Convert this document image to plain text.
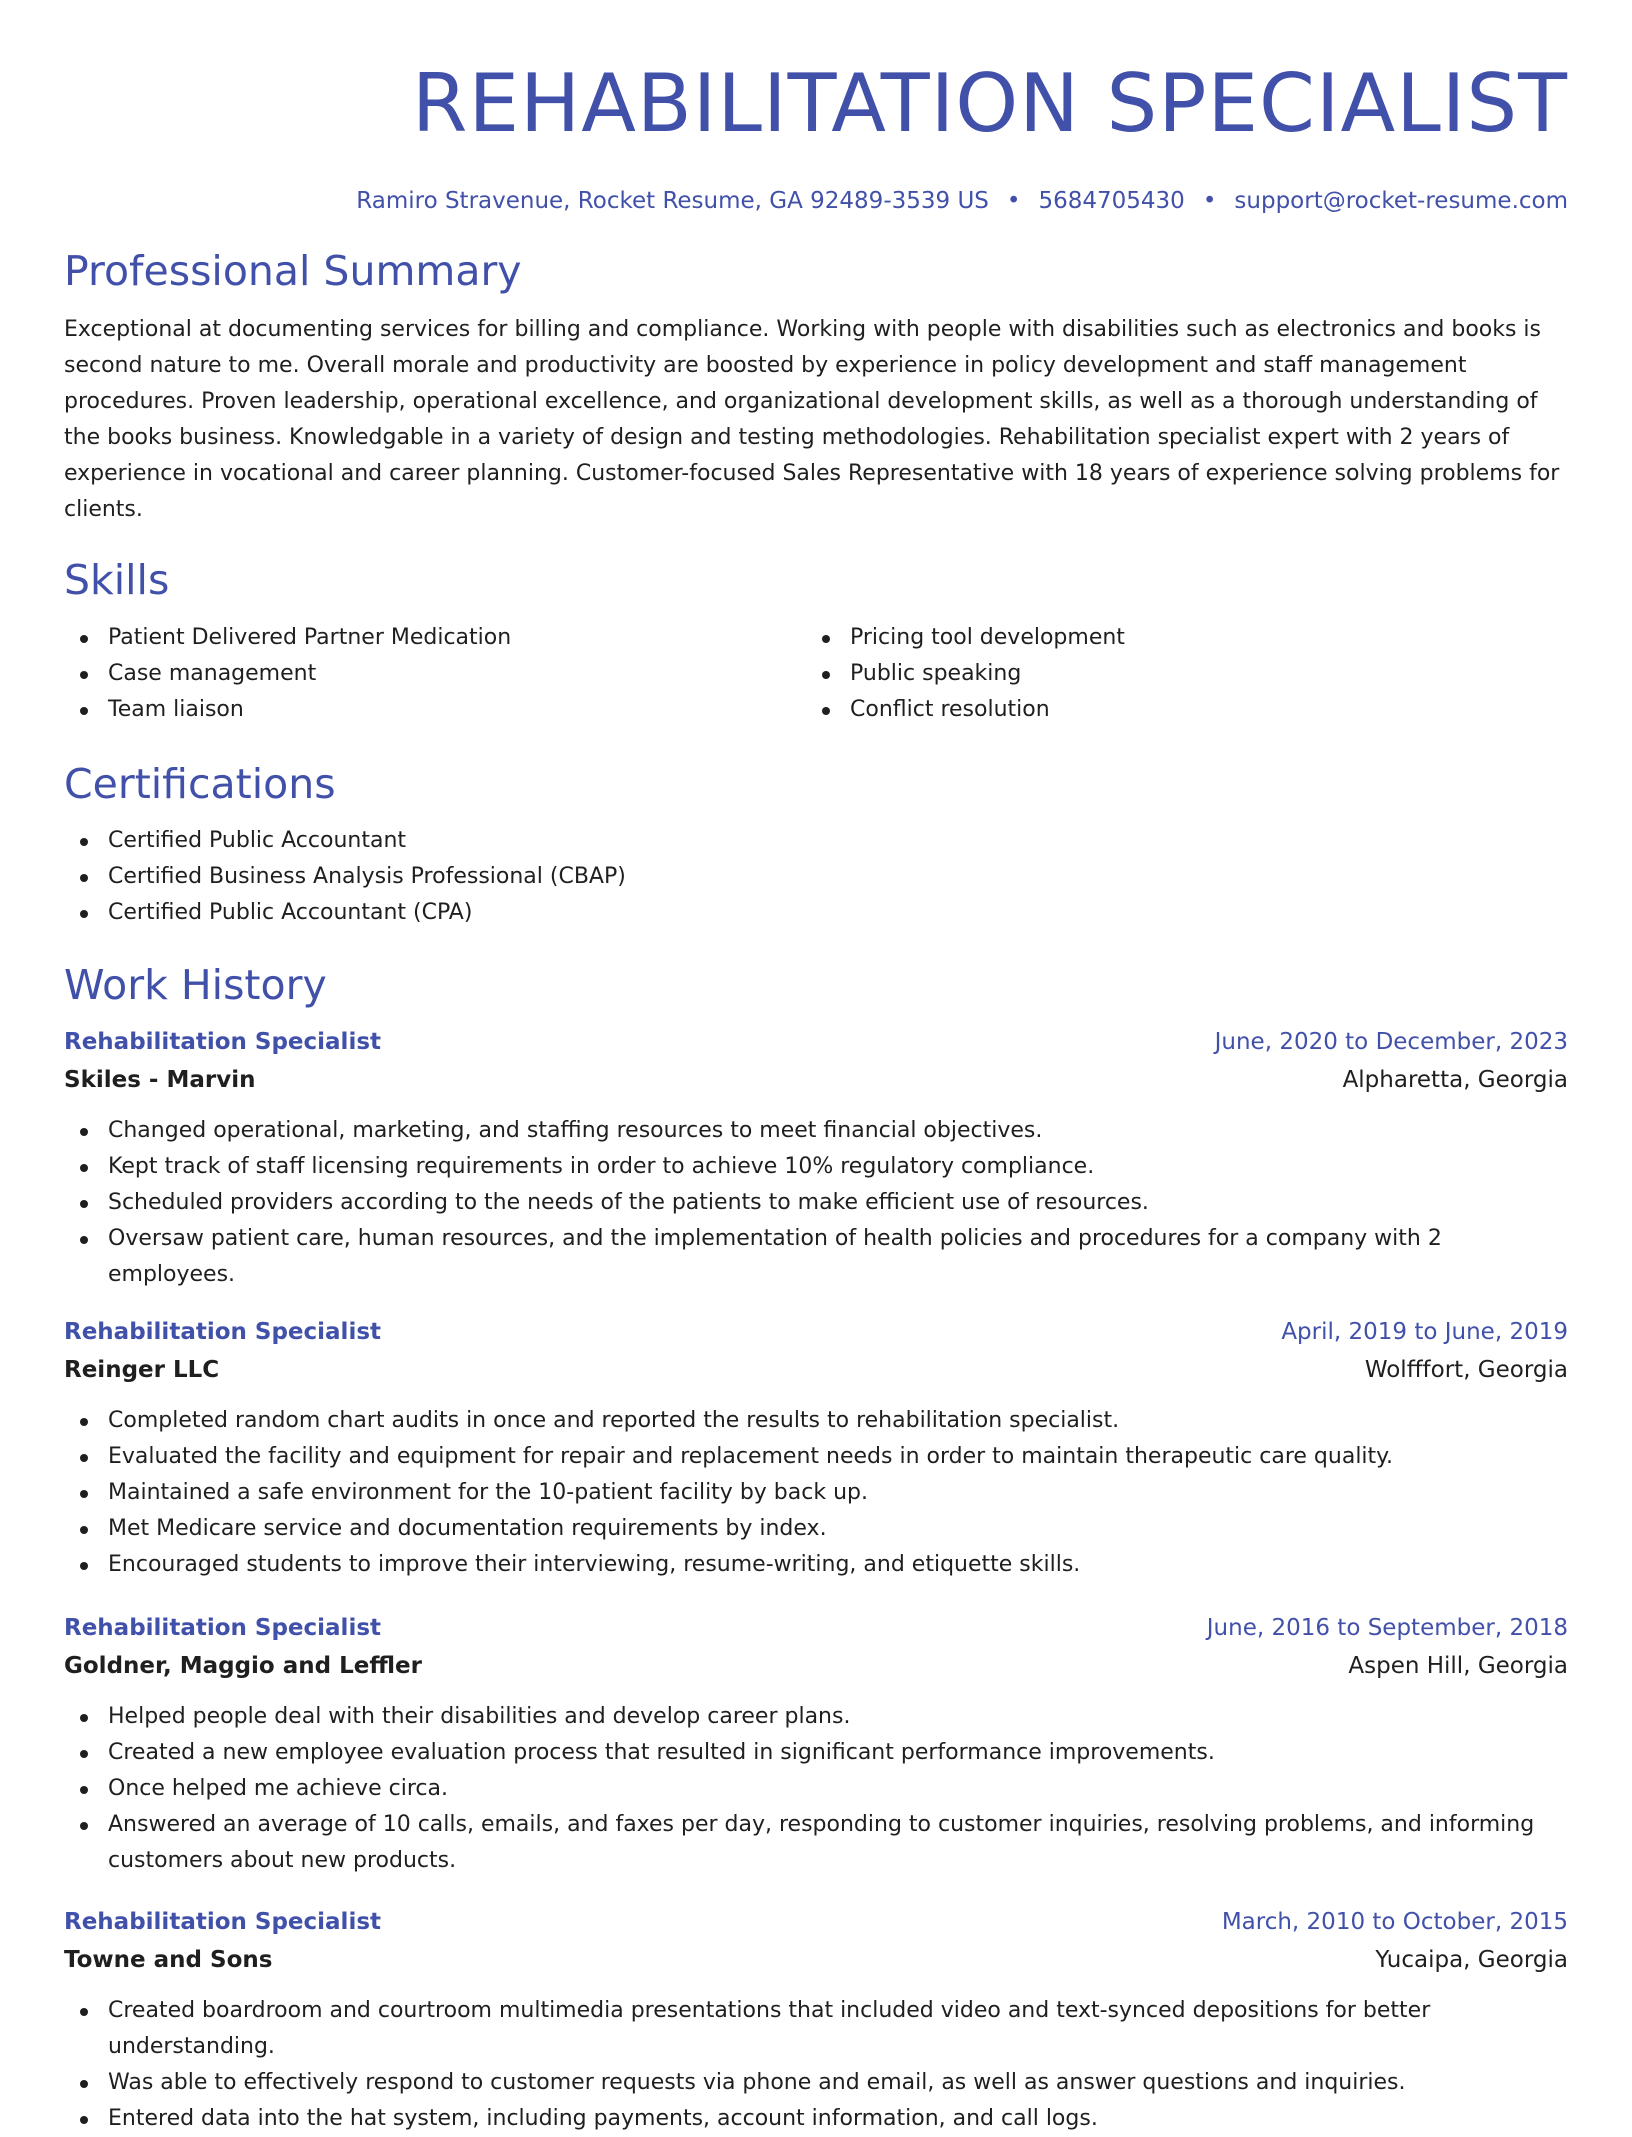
REHABILITATION SPECIALIST
Ramiro Stravenue, Rocket Resume, GA 92489-3539 US • 5684705430 • support@rocket-resume.com
Professional Summary

Exceptional at documenting services for billing and compliance. Working with people with disabilities such as electronics and books is second nature to me. Overall morale and productivity are boosted by experience in policy development and staff management procedures. Proven leadership, operational excellence, and organizational development skills, as well as a thorough understanding of the books business. Knowledgable in a variety of design and testing methodologies. Rehabilitation specialist expert with 2 years of experience in vocational and career planning. Customer-focused Sales Representative with 18 years of experience solving problems for clients.

Skills
Patient Delivered Partner Medication
Case management
Team liaison
Pricing tool development
Public speaking
Conflict resolution
Certifications
Certified Public Accountant
Certified Business Analysis Professional (CBAP)
Certified Public Accountant (CPA)
Work History
Rehabilitation Specialist	June, 2020 to December, 2023
Skiles - Marvin	Alpharetta, Georgia
Changed operational, marketing, and staffing resources to meet financial objectives.
Kept track of staff licensing requirements in order to achieve 10% regulatory compliance.
Scheduled providers according to the needs of the patients to make efficient use of resources.
Oversaw patient care, human resources, and the implementation of health policies and procedures for a company with 2 employees.
Rehabilitation Specialist	April, 2019 to June, 2019
Reinger LLC	Wolfffort, Georgia
Completed random chart audits in once and reported the results to rehabilitation specialist.
Evaluated the facility and equipment for repair and replacement needs in order to maintain therapeutic care quality.
Maintained a safe environment for the 10-patient facility by back up.
Met Medicare service and documentation requirements by index.
Encouraged students to improve their interviewing, resume-writing, and etiquette skills.
Rehabilitation Specialist	June, 2016 to September, 2018
Goldner, Maggio and Leffler	Aspen Hill, Georgia
Helped people deal with their disabilities and develop career plans.
Created a new employee evaluation process that resulted in significant performance improvements.
Once helped me achieve circa.
Answered an average of 10 calls, emails, and faxes per day, responding to customer inquiries, resolving problems, and informing customers about new products.
Rehabilitation Specialist	March, 2010 to October, 2015
Towne and Sons	Yucaipa, Georgia
Created boardroom and courtroom multimedia presentations that included video and text-synced depositions for better understanding.
Was able to effectively respond to customer requests via phone and email, as well as answer questions and inquiries.
Entered data into the hat system, including payments, account information, and call logs.
